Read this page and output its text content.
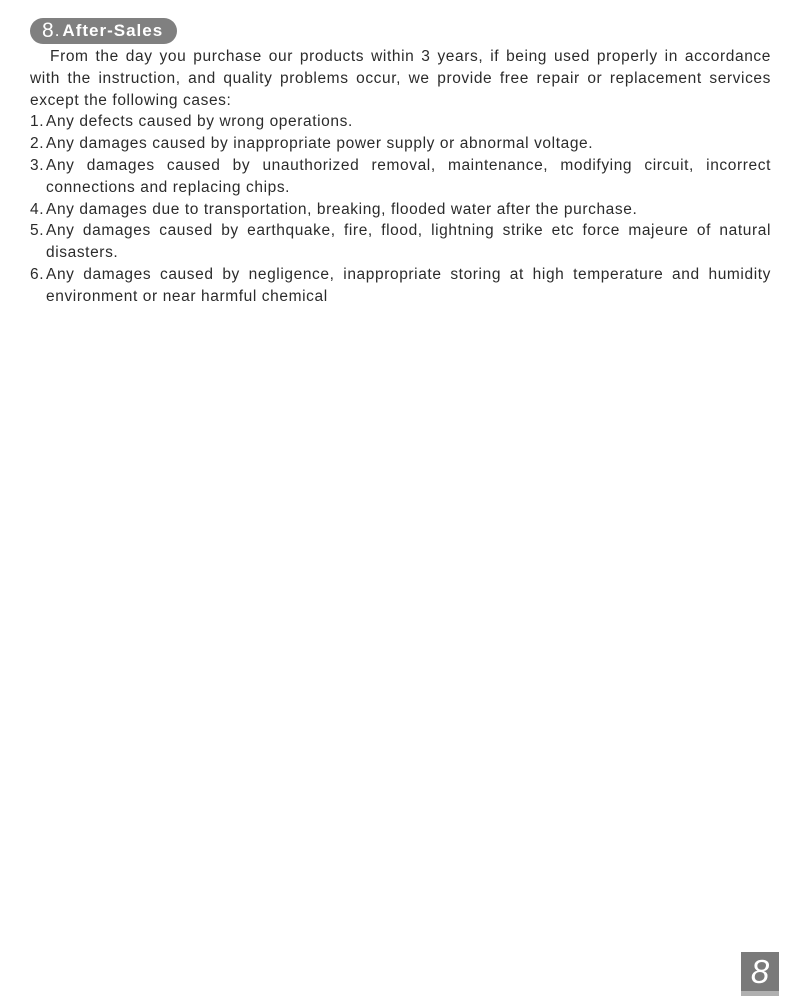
8 . After-Sales

From the day you purchase our products within 3 years, if being used properly in accordance with the instruction, and quality problems occur, we provide free repair or replacement services except the following cases:

1. Any defects caused by wrong operations.
2. Any damages caused by inappropriate power supply or abnormal voltage.
3. Any damages caused by unauthorized removal, maintenance, modifying circuit, incorrect connections and replacing chips.
4. Any damages due to transportation, breaking, flooded water after the purchase.
5. Any damages caused by earthquake, fire, flood, lightning strike etc force majeure of natural disasters.
6. Any damages caused by negligence, inappropriate storing at high temperature and humidity environment or near harmful chemical
8
